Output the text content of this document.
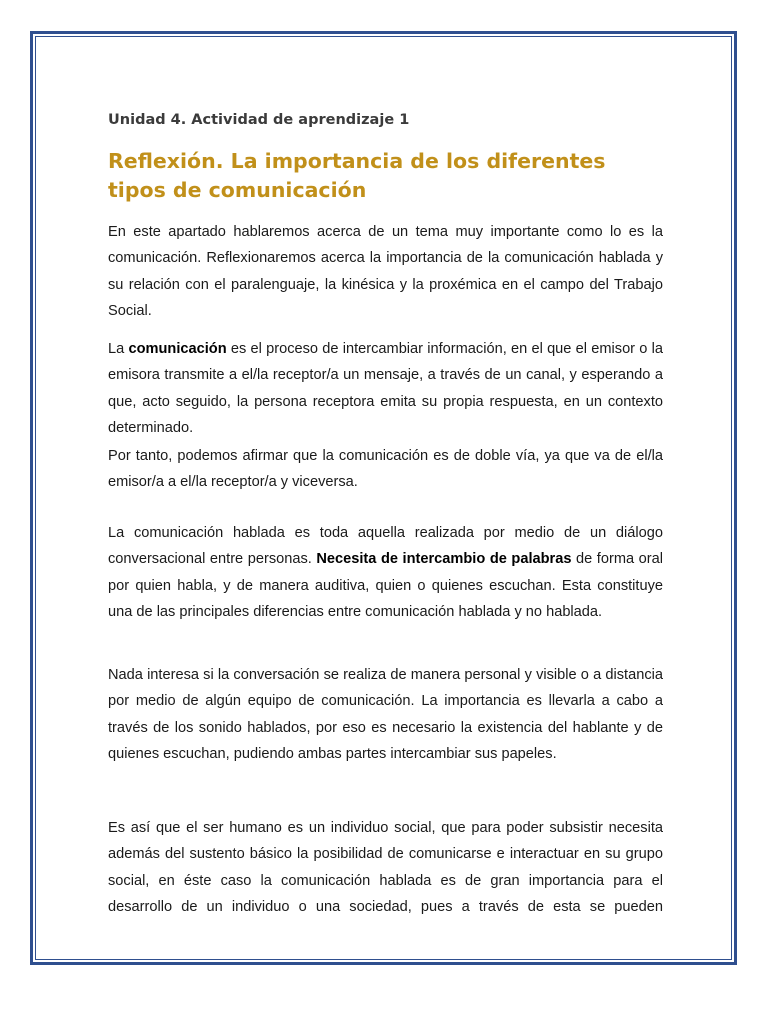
Unidad 4. Actividad de aprendizaje 1
Reflexión. La importancia de los diferentes tipos de comunicación

En este apartado hablaremos acerca de un tema muy importante como lo es la comunicación. Reflexionaremos acerca la importancia de la comunicación hablada y su relación con el paralenguaje, la kinésica y la proxémica en el campo del Trabajo Social.

La comunicación es el proceso de intercambiar información, en el que el emisor o la emisora transmite a el/la receptor/a un mensaje, a través de un canal, y esperando a que, acto seguido, la persona receptora emita su propia respuesta, en un contexto determinado.

Por tanto, podemos afirmar que la comunicación es de doble vía, ya que va de el/la emisor/a a el/la receptor/a y viceversa.

La comunicación hablada es toda aquella realizada por medio de un diálogo conversacional entre personas. Necesita de intercambio de palabras de forma oral por quien habla, y de manera auditiva, quien o quienes escuchan. Esta constituye una de las principales diferencias entre comunicación hablada y no hablada.

Nada interesa si la conversación se realiza de manera personal y visible o a distancia por medio de algún equipo de comunicación. La importancia es llevarla a cabo a través de los sonido hablados, por eso es necesario la existencia del hablante y de quienes escuchan, pudiendo ambas partes intercambiar sus papeles.

Es así que el ser humano es un individuo social, que para poder subsistir necesita además del sustento básico la posibilidad de comunicarse e interactuar en su grupo social, en éste caso la comunicación hablada es de gran importancia para el desarrollo de un individuo o una sociedad, pues a través de esta se pueden
